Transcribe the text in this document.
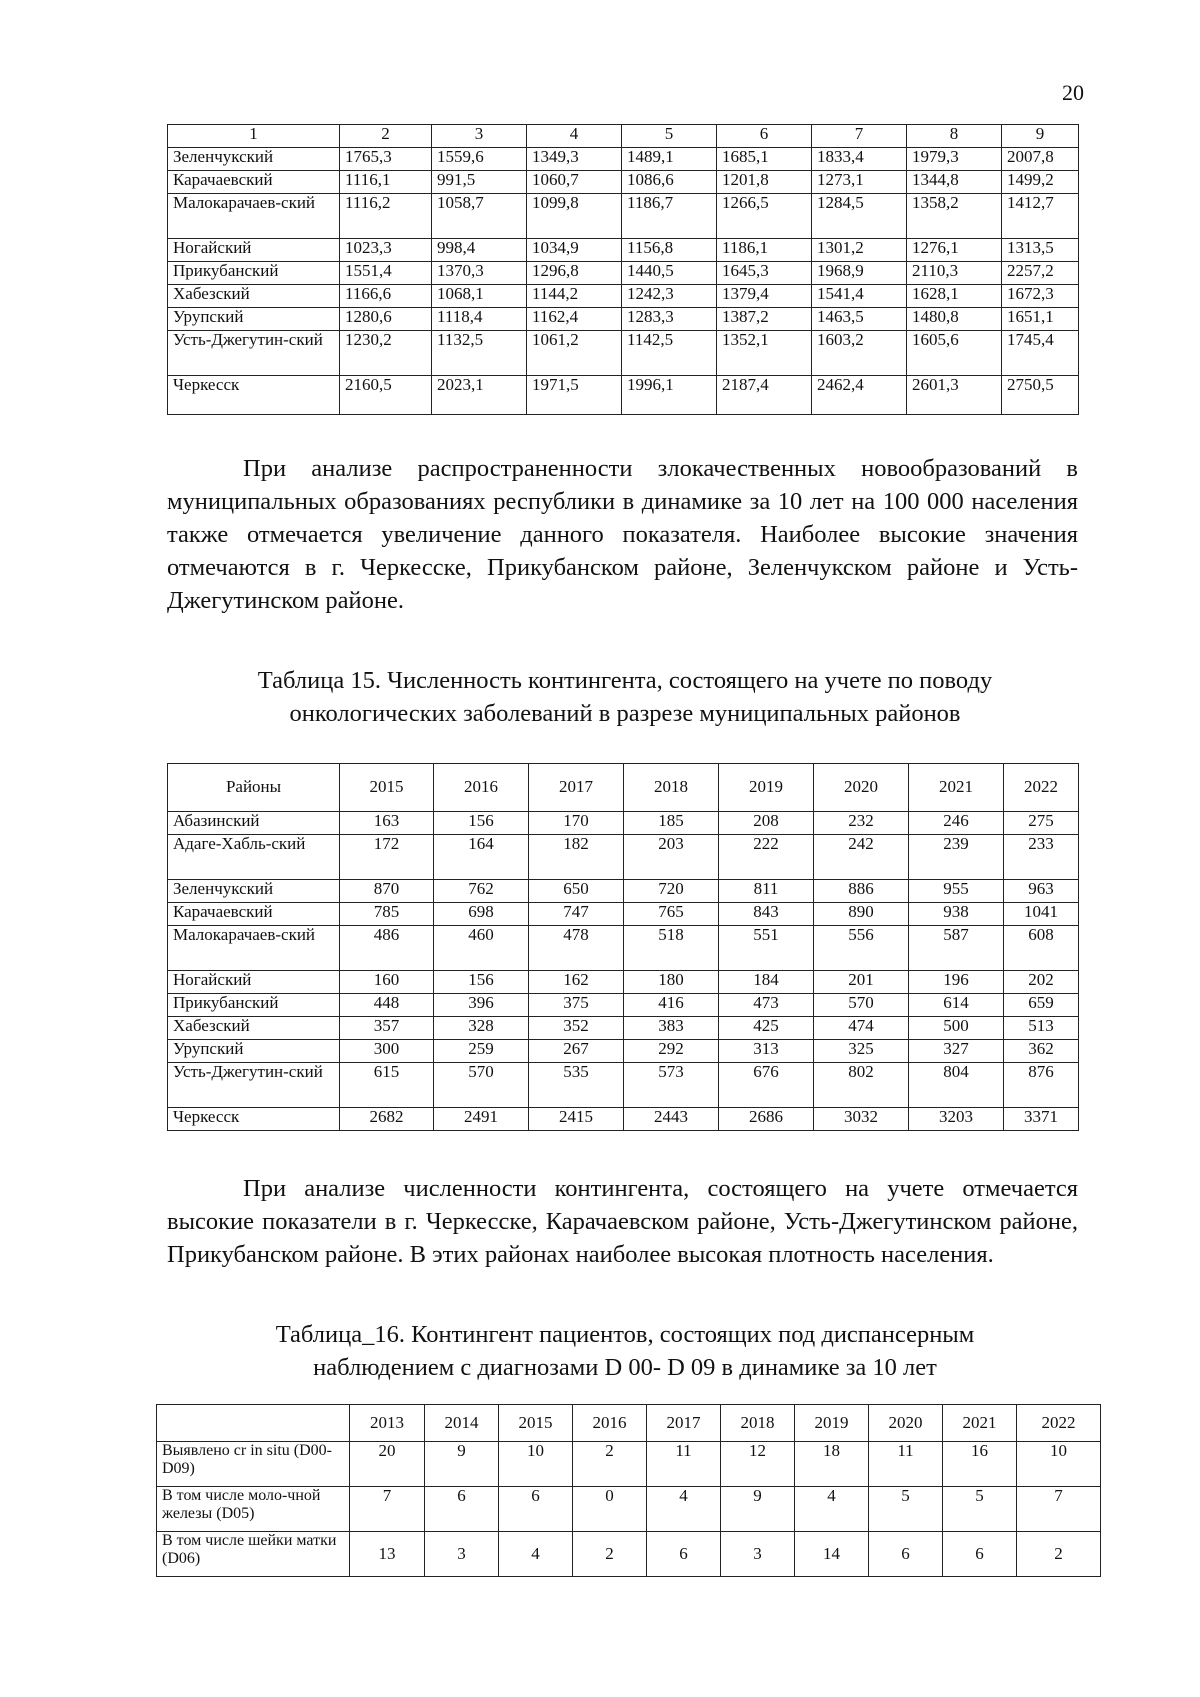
20
1	2	3	4	5	6	7	8	9
Зеленчукский	1765,3	1559,6	1349,3	1489,1	1685,1	1833,4	1979,3	2007,8
Карачаевский	1116,1	991,5	1060,7	1086,6	1201,8	1273,1	1344,8	1499,2
Малокарачаев-ский	1116,2	1058,7	1099,8	1186,7	1266,5	1284,5	1358,2	1412,7
Ногайский	1023,3	998,4	1034,9	1156,8	1186,1	1301,2	1276,1	1313,5
Прикубанский	1551,4	1370,3	1296,8	1440,5	1645,3	1968,9	2110,3	2257,2
Хабезский	1166,6	1068,1	1144,2	1242,3	1379,4	1541,4	1628,1	1672,3
Урупский	1280,6	1118,4	1162,4	1283,3	1387,2	1463,5	1480,8	1651,1
Усть-Джегутин-ский	1230,2	1132,5	1061,2	1142,5	1352,1	1603,2	1605,6	1745,4
Черкесск	2160,5	2023,1	1971,5	1996,1	2187,4	2462,4	2601,3	2750,5

При анализе распространенности злокачественных новообразований в муниципальных образованиях республики в динамике за 10 лет на 100 000 населения также отмечается увеличение данного показателя. Наиболее высокие значения отмечаются в г. Черкесске, Прикубанском районе, Зеленчукском районе и Усть-Джегутинском районе.

Таблица 15. Численность контингента, состоящего на учете по поводу
онкологических заболеваний в разрезе муниципальных районов
Районы	2015	2016	2017	2018	2019	2020	2021	2022
Абазинский	163	156	170	185	208	232	246	275
Адаге-Хабль-ский	172	164	182	203	222	242	239	233
Зеленчукский	870	762	650	720	811	886	955	963
Карачаевский	785	698	747	765	843	890	938	1041
Малокарачаев-ский	486	460	478	518	551	556	587	608
Ногайский	160	156	162	180	184	201	196	202
Прикубанский	448	396	375	416	473	570	614	659
Хабезский	357	328	352	383	425	474	500	513
Урупский	300	259	267	292	313	325	327	362
Усть-Джегутин-ский	615	570	535	573	676	802	804	876
Черкесск	2682	2491	2415	2443	2686	3032	3203	3371

При анализе численности контингента, состоящего на учете отмечается высокие показатели в г. Черкесске, Карачаевском районе, Усть-Джегутинском районе, Прикубанском районе. В этих районах наиболее высокая плотность населения.

Таблица_16. Контингент пациентов, состоящих под диспансерным
наблюдением с диагнозами D 00- D 09 в динамике за 10 лет
	2013	2014	2015	2016	2017	2018	2019	2020	2021	2022
Выявлено cr in situ (D00-D09)	20	9	10	2	11	12	18	11	16	10
В том числе моло-чной железы (D05)	7	6	6	0	4	9	4	5	5	7
В том числе шейки матки (D06)	13	3	4	2	6	3	14	6	6	2
